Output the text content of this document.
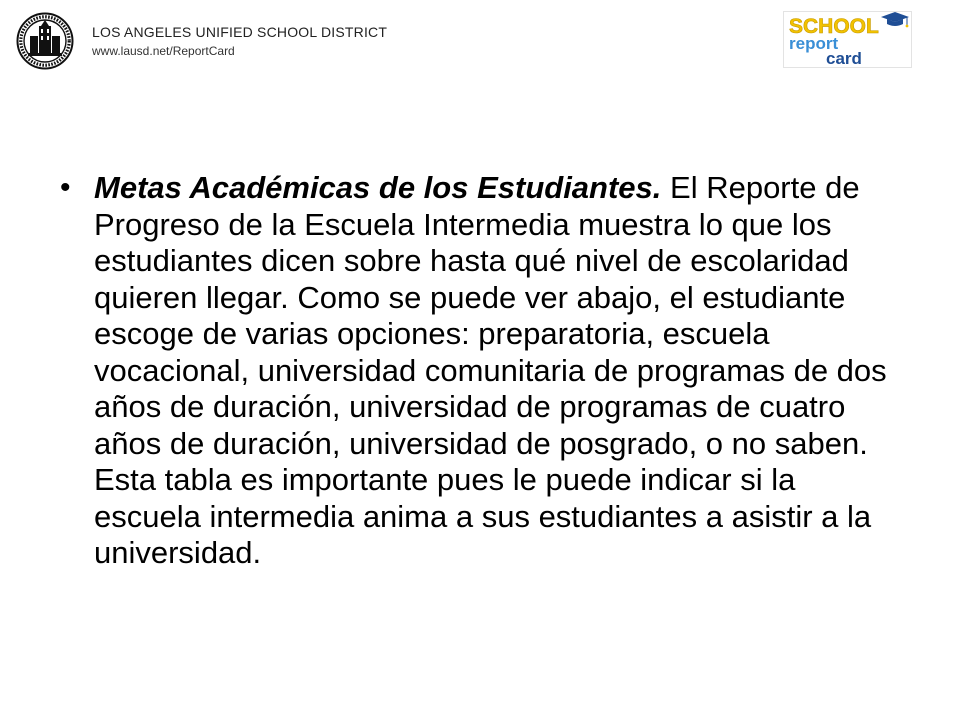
LOS ANGELES UNIFIED SCHOOL DISTRICT
www.lausd.net/ReportCard
SCHOOL
report
card
• Metas Académicas de los Estudiantes. El Reporte de Progreso de la Escuela Intermedia muestra lo que los estudiantes dicen sobre hasta qué nivel de escolaridad quieren llegar. Como se puede ver abajo, el estudiante escoge de varias opciones: preparatoria, escuela vocacional, universidad comunitaria de programas de dos años de duración, universidad de programas de cuatro años de duración, universidad de posgrado, o no saben. Esta tabla es importante pues le puede indicar si la escuela intermedia anima a sus estudiantes a asistir a la universidad.
